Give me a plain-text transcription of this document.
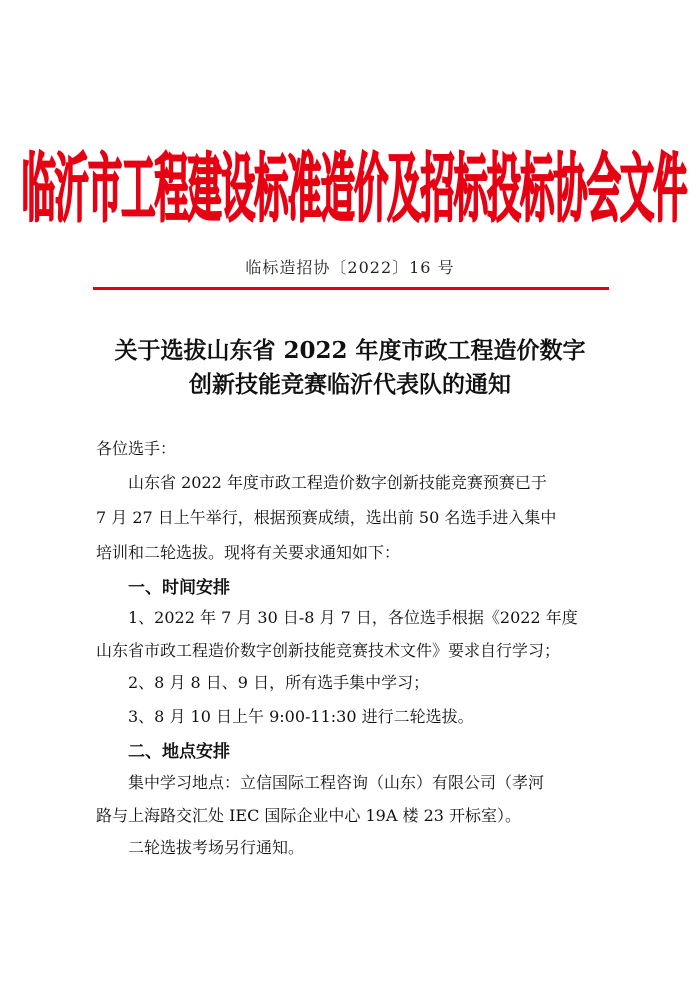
临沂市工程建设标准造价及招标投标协会文件
临标造招协〔2022〕16 号
关于选拔山东省 2022 年度市政工程造价数字
创新技能竞赛临沂代表队的通知
各位选手：
山东省 2022 年度市政工程造价数字创新技能竞赛预赛已于
7 月 27 日上午举行，根据预赛成绩，选出前 50 名选手进入集中
培训和二轮选拔。现将有关要求通知如下：
一、时间安排
1、2022 年 7 月 30 日-8 月 7 日，各位选手根据《2022 年度
山东省市政工程造价数字创新技能竞赛技术文件》要求自行学习；
2、8 月 8 日、9 日，所有选手集中学习；
3、8 月 10 日上午 9:00-11:30 进行二轮选拔。
二、地点安排
集中学习地点：立信国际工程咨询（山东）有限公司（孝河
路与上海路交汇处 IEC 国际企业中心 19A 楼 23 开标室）。
二轮选拔考场另行通知。
